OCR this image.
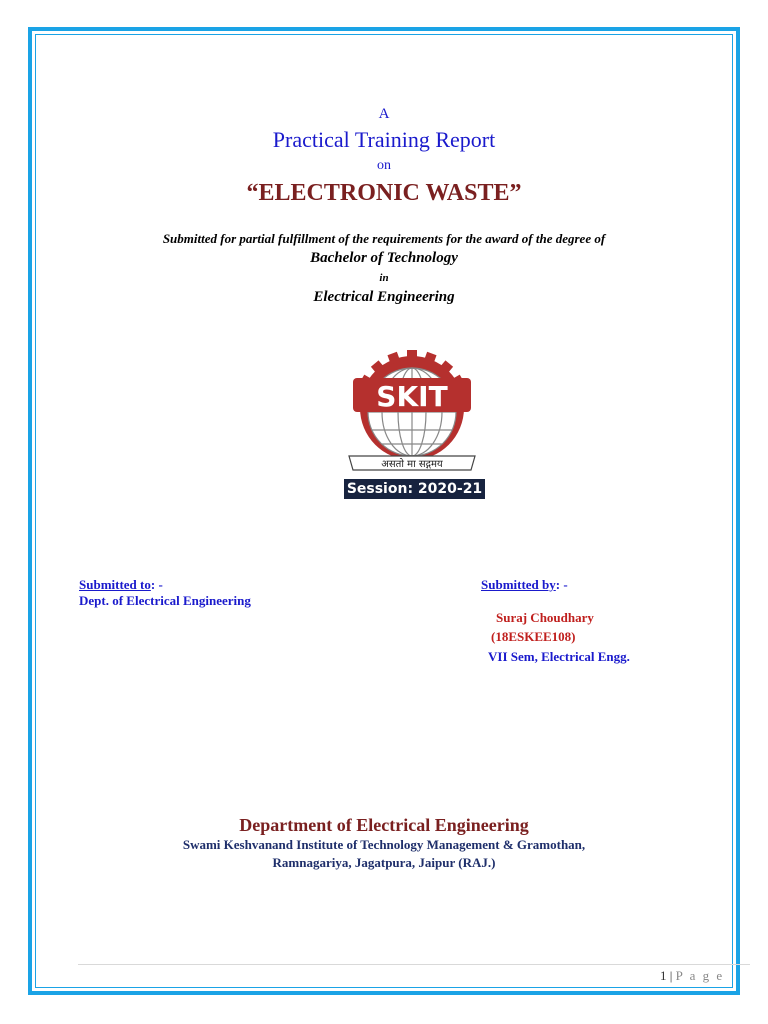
A
Practical Training Report
on
“ELECTRONIC WASTE”
Submitted for partial fulfillment of the requirements for the award of the degree of
Bachelor of Technology
in
Electrical Engineering
SKIT
असतो मा सद्गमय
Session: 2020-21
Submitted to: -
Dept. of Electrical Engineering
Submitted by: -
Suraj Choudhary
(18ESKEE108)
VII Sem, Electrical Engg.
Department of Electrical Engineering
Swami Keshvanand Institute of Technology Management & Gramothan,
Ramnagariya, Jagatpura, Jaipur (RAJ.)
1 | P a g e
